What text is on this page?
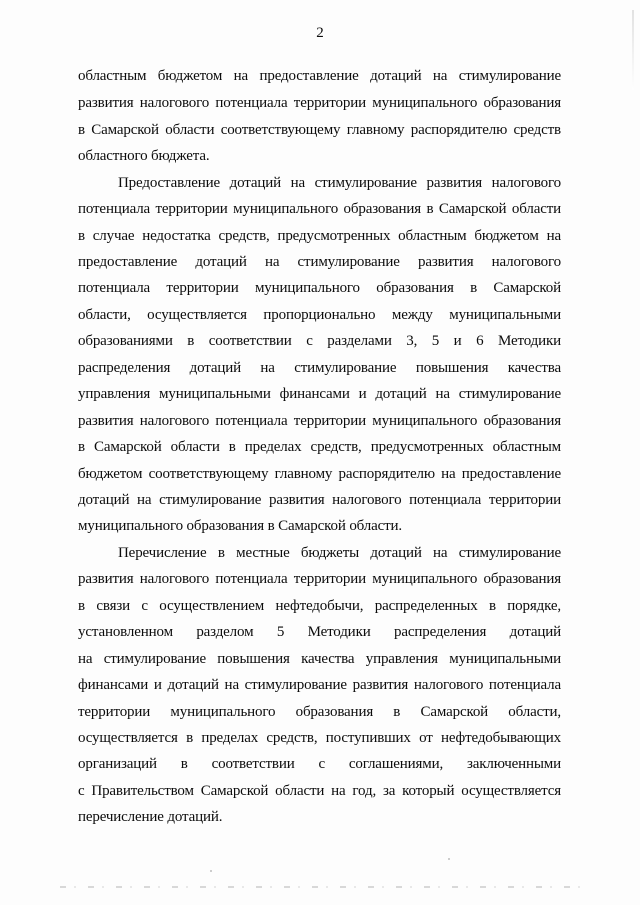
2
областным бюджетом на предоставление дотаций на стимулирование
развития налогового потенциала территории муниципального образования
в Самарской области соответствующему главному распорядителю средств
областного бюджета.
Предоставление дотаций на стимулирование развития налогового
потенциала территории муниципального образования в Самарской области
в случае недостатка средств, предусмотренных областным бюджетом на
предоставление дотаций на стимулирование развития налогового
потенциала территории муниципального образования в Самарской
области, осуществляется пропорционально между муниципальными
образованиями в соответствии с разделами 3, 5 и 6 Методики
распределения дотаций на стимулирование повышения качества
управления муниципальными финансами и дотаций на стимулирование
развития налогового потенциала территории муниципального образования
в Самарской области в пределах средств, предусмотренных областным
бюджетом соответствующему главному распорядителю на предоставление
дотаций на стимулирование развития налогового потенциала территории
муниципального образования в Самарской области.
Перечисление в местные бюджеты дотаций на стимулирование
развития налогового потенциала территории муниципального образования
в связи с осуществлением нефтедобычи, распределенных в порядке,
установленном разделом 5 Методики распределения дотаций
на стимулирование повышения качества управления муниципальными
финансами и дотаций на стимулирование развития налогового потенциала
территории муниципального образования в Самарской области,
осуществляется в пределах средств, поступивших от нефтедобывающих
организаций в соответствии с соглашениями, заключенными
с Правительством Самарской области на год, за который осуществляется
перечисление дотаций.
